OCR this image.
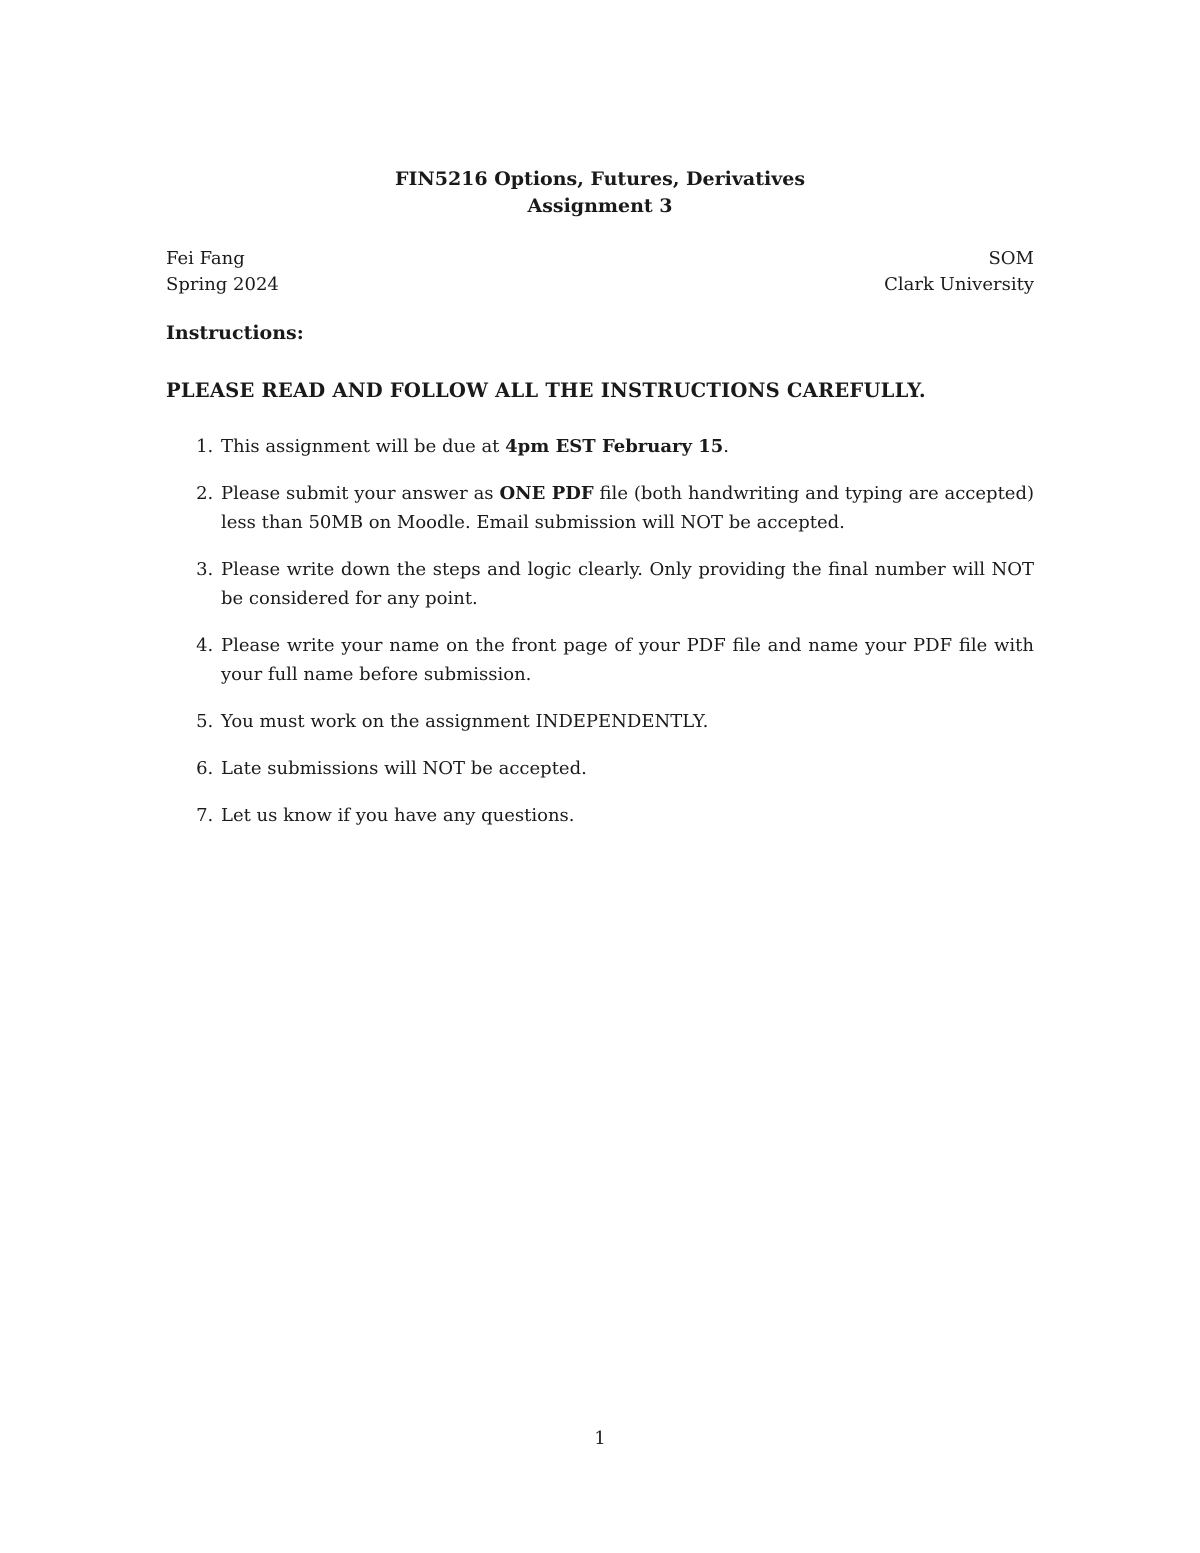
FIN5216 Options, Futures, Derivatives
Assignment 3
Fei Fang	SOM
Spring 2024	Clark University
Instructions:
PLEASE READ AND FOLLOW ALL THE INSTRUCTIONS CAREFULLY.
1. This assignment will be due at 4pm EST February 15.
2. Please submit your answer as ONE PDF file (both handwriting and typing are accepted) less than 50MB on Moodle. Email submission will NOT be accepted.
3. Please write down the steps and logic clearly. Only providing the final number will NOT be considered for any point.
4. Please write your name on the front page of your PDF file and name your PDF file with your full name before submission.
5. You must work on the assignment INDEPENDENTLY.
6. Late submissions will NOT be accepted.
7. Let us know if you have any questions.
1
